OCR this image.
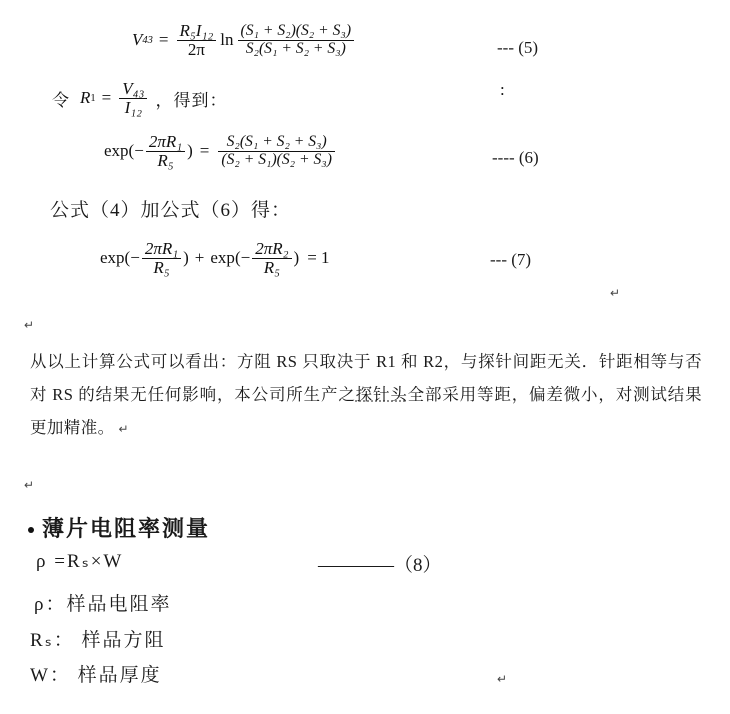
V $43 = \frac{\text{R₅I₁₂}}{2\pi}$ $\ln \frac{\text{(S₁ + S₂)(S₂ + S₃)}}{\text{S₂(S₁ + S₂ + S₃)}}$	--- (5)
令 R $1 = \frac{\text{V₄₃}}{\text{I₁₂}}$ ，得到：
:
exp ( − $\frac{\text{2πR₁}}{\text{R₅}}$ ) = $\frac{\text{S₂(S₁ + S₂ + S₃)}}{\text{(S₂ + S₁)(S₂ + S₃)}}$	---- (6)
公式（4）加公式（6）得：
exp ( − $\frac{\text{2πR₁}}{\text{R₅}}$ ) + exp ( − $\frac{\text{2πR₂}}{\text{R₅}}$ ) = 1	--- (7)
↵
↵
↵
↵
从以上计算公式可以看出：方阻 RS 只取决于 R1 和 R2，与探针间距无关．针距相等与否对 RS 的结果无任何影响，本公司所生产之探针头全部采用等距，偏差微小，对测试结果更加精准。 ↵
薄片电阻率测量
ρ =Rₛ×W	————（8）
ρ：样品电阻率
Rₛ： 样品方阻
W： 样品厚度
